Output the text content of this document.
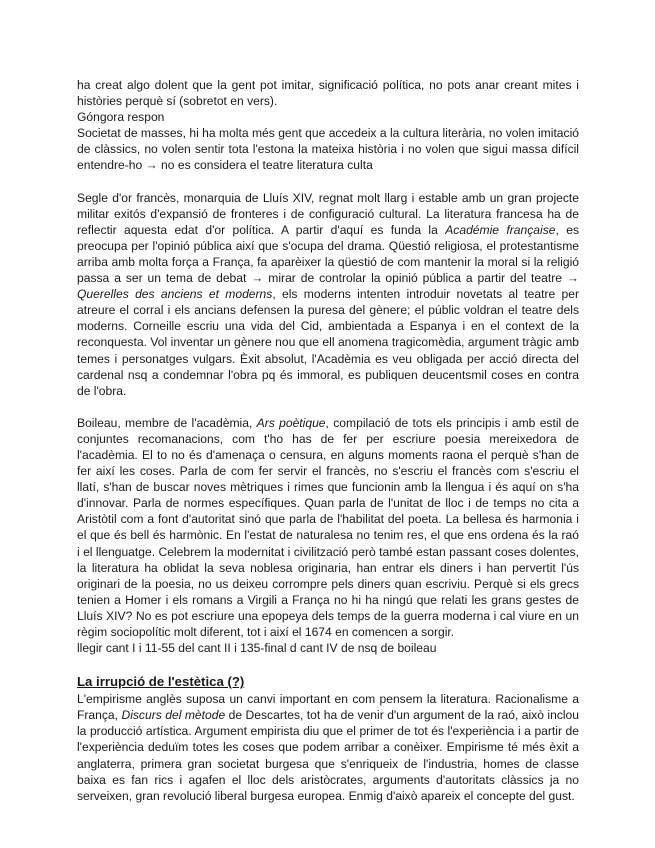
ha creat algo dolent que la gent pot imitar, significació política, no pots anar creant mites i històries perquè sí (sobretot en vers).

Góngora respon

Societat de masses, hi ha molta més gent que accedeix a la cultura literària, no volen imitació de clàssics, no volen sentir tota l'estona la mateixa història i no volen que sigui massa difícil entendre-ho → no es considera el teatre literatura culta

Segle d'or francès, monarquia de Lluís XIV, regnat molt llarg i estable amb un gran projecte militar exitós d'expansió de fronteres i de configuració cultural. La literatura francesa ha de reflectir aquesta edat d'or política. A partir d'aquí es funda la Académie française, es preocupa per l'opinió pública així que s'ocupa del drama. Qüestió religiosa, el protestantisme arriba amb molta força a França, fa aparèixer la qüestió de com mantenir la moral si la religió passa a ser un tema de debat → mirar de controlar la opinió pública a partir del teatre → Querelles des anciens et moderns, els moderns intenten introduir novetats al teatre per atreure el corral i els ancians defensen la puresa del gènere; el públic voldran el teatre dels moderns. Corneille escriu una vida del Cid, ambientada a Espanya i en el context de la reconquesta. Vol inventar un gènere nou que ell anomena tragicomèdia, argument tràgic amb temes i personatges vulgars. Èxit absolut, l'Acadèmia es veu obligada per acció directa del cardenal nsq a condemnar l'obra pq és immoral, es publiquen deucentsmil coses en contra de l'obra.

Boileau, membre de l'acadèmia, Ars poètique, compilació de tots els principis i amb estil de conjuntes recomanacions, com t'ho has de fer per escriure poesia mereixedora de l'acadèmia. El to no és d'amenaça o censura, en alguns moments raona el perquè s'han de fer així les coses. Parla de com fer servir el francès, no s'escriu el francès com s'escriu el llatí, s'han de buscar noves mètriques i rimes que funcionin amb la llengua i és aquí on s'ha d'innovar. Parla de normes específiques. Quan parla de l'unitat de lloc i de temps no cita a Aristòtil com a font d'autoritat sinó que parla de l'habilitat del poeta. La bellesa és harmonia i el que és bell és harmònic. En l'estat de naturalesa no tenim res, el que ens ordena és la raó i el llenguatge. Celebrem la modernitat i civilització però també estan passant coses dolentes, la literatura ha oblidat la seva noblesa originaria, han entrar els diners i han pervertit l'ús originari de la poesia, no us deixeu corrompre pels diners quan escriviu. Perquè si els grecs tenien a Homer i els romans a Virgili a França no hi ha ningú que relati les grans gestes de Lluís XIV? No es pot escriure una epopeya dels temps de la guerra moderna i cal viure en un règim sociopolític molt diferent, tot i així el 1674 en comencen a sorgir.

llegir cant I i 11-55 del cant II i 135-final d cant IV de nsq de boileau

La irrupció de l'estètica (?)

L'empirisme anglès suposa un canvi important en com pensem la literatura. Racionalisme a França, Discurs del mètode de Descartes, tot ha de venir d'un argument de la raó, això inclou la producció artística. Argument empirista diu que el primer de tot és l'experiència i a partir de l'experiència deduïm totes les coses que podem arribar a conèixer. Empirisme té més èxit a anglaterra, primera gran societat burgesa que s'enriqueix de l'industria, homes de classe baixa es fan rics i agafen el lloc dels aristòcrates, arguments d'autoritats clàssics ja no serveixen, gran revolució liberal burgesa europea. Enmig d'això apareix el concepte del gust.
